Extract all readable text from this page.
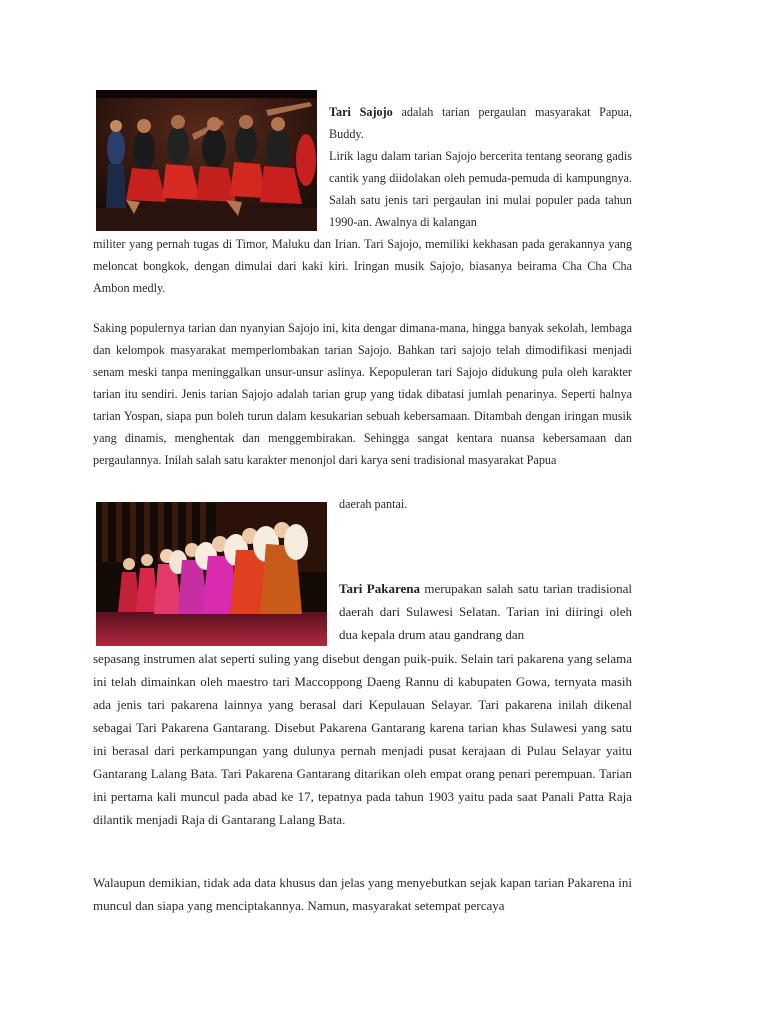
Tari Sajojo adalah tarian pergaulan masyarakat Papua, Buddy.

Lirik lagu dalam tarian Sajojo bercerita tentang seorang gadis cantik yang diidolakan oleh pemuda-pemuda di kampungnya. Salah satu jenis tari pergaulan ini mulai populer pada tahun 1990-an. Awalnya di kalangan

militer yang pernah tugas di Timor, Maluku dan Irian. Tari Sajojo, memiliki kekhasan pada gerakannya yang meloncat bongkok, dengan dimulai dari kaki kiri. Iringan musik Sajojo, biasanya beirama Cha Cha Cha Ambon medly.

Saking populernya tarian dan nyanyian Sajojo ini, kita dengar dimana-mana, hingga banyak sekolah, lembaga dan kelompok masyarakat memperlombakan tarian Sajojo. Bahkan tari sajojo telah dimodifikasi menjadi senam meski tanpa meninggalkan unsur-unsur aslinya. Kepopuleran tari Sajojo didukung pula oleh karakter tarian itu sendiri. Jenis tarian Sajojo adalah tarian grup yang tidak dibatasi jumlah penarinya. Seperti halnya tarian Yospan, siapa pun boleh turun dalam kesukarian sebuah kebersamaan. Ditambah dengan iringan musik yang dinamis, menghentak dan menggembirakan. Sehingga sangat kentara nuansa kebersamaan dan pergaulannya. Inilah salah satu karakter menonjol dari karya seni tradisional masyarakat Papua

daerah pantai.

Tari Pakarena merupakan salah satu tarian tradisional daerah dari Sulawesi Selatan. Tarian ini diiringi oleh dua kepala drum atau gandrang dan

sepasang instrumen alat seperti suling yang disebut dengan puik-puik. Selain tari pakarena yang selama ini telah dimainkan oleh maestro tari Maccoppong Daeng Rannu di kabupaten Gowa, ternyata masih ada jenis tari pakarena lainnya yang berasal dari Kepulauan Selayar. Tari pakarena inilah dikenal sebagai Tari Pakarena Gantarang. Disebut Pakarena Gantarang karena tarian khas Sulawesi yang satu ini berasal dari perkampungan yang dulunya pernah menjadi pusat kerajaan di Pulau Selayar yaitu Gantarang Lalang Bata. Tari Pakarena Gantarang ditarikan oleh empat orang penari perempuan. Tarian ini pertama kali muncul pada abad ke 17, tepatnya pada tahun 1903 yaitu pada saat Panali Patta Raja dilantik menjadi Raja di Gantarang Lalang Bata.

Walaupun demikian, tidak ada data khusus dan jelas yang menyebutkan sejak kapan tarian Pakarena ini muncul dan siapa yang menciptakannya. Namun, masyarakat setempat percaya
